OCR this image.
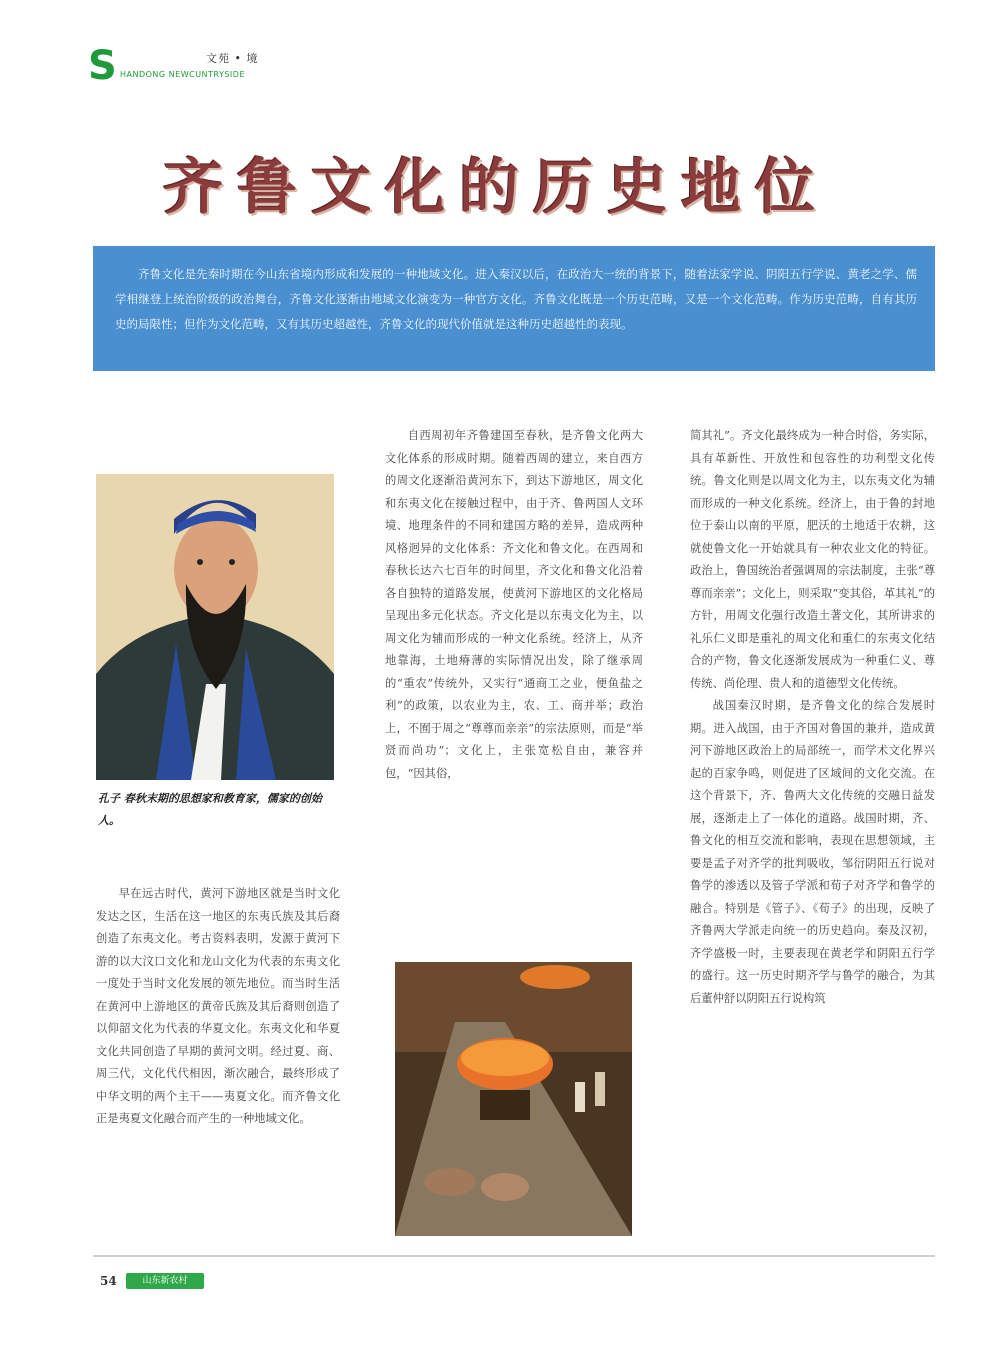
S	文苑 • 境
HANDONG NEWCUNTRYSIDE
齐鲁文化的历史地位
齐鲁文化是先秦时期在今山东省境内形成和发展的一种地域文化。进入秦汉以后，在政治大一统的背景下，随着法家学说、阴阳五行学说、黄老之学、儒学相继登上统治阶级的政治舞台，齐鲁文化逐渐由地域文化演变为一种官方文化。齐鲁文化既是一个历史范畴，又是一个文化范畴。作为历史范畴，自有其历史的局限性；但作为文化范畴，又有其历史超越性，齐鲁文化的现代价值就是这种历史超越性的表现。
孔子 春秋末期的思想家和教育家，儒家的创始人。

早在远古时代，黄河下游地区就是当时文化发达之区，生活在这一地区的东夷氏族及其后裔创造了东夷文化。考古资料表明，发源于黄河下游的以大汶口文化和龙山文化为代表的东夷文化一度处于当时文化发展的领先地位。而当时生活在黄河中上游地区的黄帝氏族及其后裔则创造了以仰韶文化为代表的华夏文化。东夷文化和华夏文化共同创造了早期的黄河文明。经过夏、商、周三代，文化代代相因，渐次融合，最终形成了中华文明的两个主干——夷夏文化。而齐鲁文化正是夷夏文化融合而产生的一种地域文化。

自西周初年齐鲁建国至春秋，是齐鲁文化两大文化体系的形成时期。随着西周的建立，来自西方的周文化逐渐沿黄河东下，到达下游地区，周文化和东夷文化在接触过程中，由于齐、鲁两国人文环境、地理条件的不同和建国方略的差异，造成两种风格迥异的文化体系：齐文化和鲁文化。在西周和春秋长达六七百年的时间里，齐文化和鲁文化沿着各自独特的道路发展，使黄河下游地区的文化格局呈现出多元化状态。齐文化是以东夷文化为主，以周文化为辅而形成的一种文化系统。经济上，从齐地靠海，土地瘠薄的实际情况出发，除了继承周的“重农”传统外，又实行“通商工之业，便鱼盐之利”的政策，以农业为主，农、工、商并举；政治上，不囿于周之“尊尊而亲亲”的宗法原则，而是“举贤而尚功”；文化上，主张宽松自由，兼容并包，“因其俗，

简其礼”。齐文化最终成为一种合时俗，务实际，具有革新性、开放性和包容性的功利型文化传统。鲁文化则是以周文化为主，以东夷文化为辅而形成的一种文化系统。经济上，由于鲁的封地位于泰山以南的平原，肥沃的土地适于农耕，这就使鲁文化一开始就具有一种农业文化的特征。政治上，鲁国统治者强调周的宗法制度，主张“尊尊而亲亲”；文化上，则采取“变其俗，革其礼”的方针，用周文化强行改造土著文化，其所讲求的礼乐仁义即是重礼的周文化和重仁的东夷文化结合的产物，鲁文化逐渐发展成为一种重仁义、尊传统、尚伦理、贵人和的道德型文化传统。

战国秦汉时期，是齐鲁文化的综合发展时期。进入战国，由于齐国对鲁国的兼并，造成黄河下游地区政治上的局部统一，而学术文化界兴起的百家争鸣，则促进了区域间的文化交流。在这个背景下，齐、鲁两大文化传统的交融日益发展，逐渐走上了一体化的道路。战国时期，齐、鲁文化的相互交流和影响，表现在思想领域，主要是孟子对齐学的批判吸收，邹衍阴阳五行说对鲁学的渗透以及管子学派和荀子对齐学和鲁学的融合。特别是《管子》、《荀子》的出现，反映了齐鲁两大学派走向统一的历史趋向。秦及汉初，齐学盛极一时，主要表现在黄老学和阴阳五行学的盛行。这一历史时期齐学与鲁学的融合，为其后董仲舒以阴阳五行说构筑

54	山东新农村
